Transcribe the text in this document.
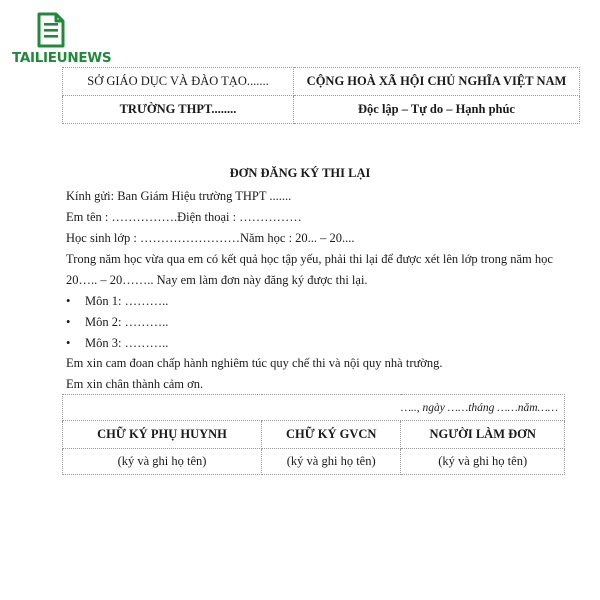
TAILIEUNEWS
SỞ GIÁO DỤC VÀ ĐÀO TẠO.......	CỘNG HOÀ XÃ HỘI CHỦ NGHĨA VIỆT NAM
TRƯỜNG THPT........	Độc lập – Tự do – Hạnh phúc
ĐƠN ĐĂNG KÝ THI LẠI
Kính gửi: Ban Giám Hiệu trường THPT .......
Em tên : …………….Điện thoại : ……………
Học sinh lớp : ……………………Năm học : 20... – 20....
Trong năm học vừa qua em có kết quả học tập yếu, phải thi lại để được xét lên lớp trong năm học
20….. – 20…….. Nay em làm đơn này đăng ký được thi lại.
• Môn 1: ………..
• Môn 2: ………..
• Môn 3: ………..
Em xin cam đoan chấp hành nghiêm túc quy chế thi và nội quy nhà trường.
Em xin chân thành cảm ơn.
….., ngày ……tháng ……năm……		
CHỮ KÝ PHỤ HUYNH	CHỮ KÝ GVCN	NGƯỜI LÀM ĐƠN
(ký và ghi họ tên)	(ký và ghi họ tên)	(ký và ghi họ tên)
